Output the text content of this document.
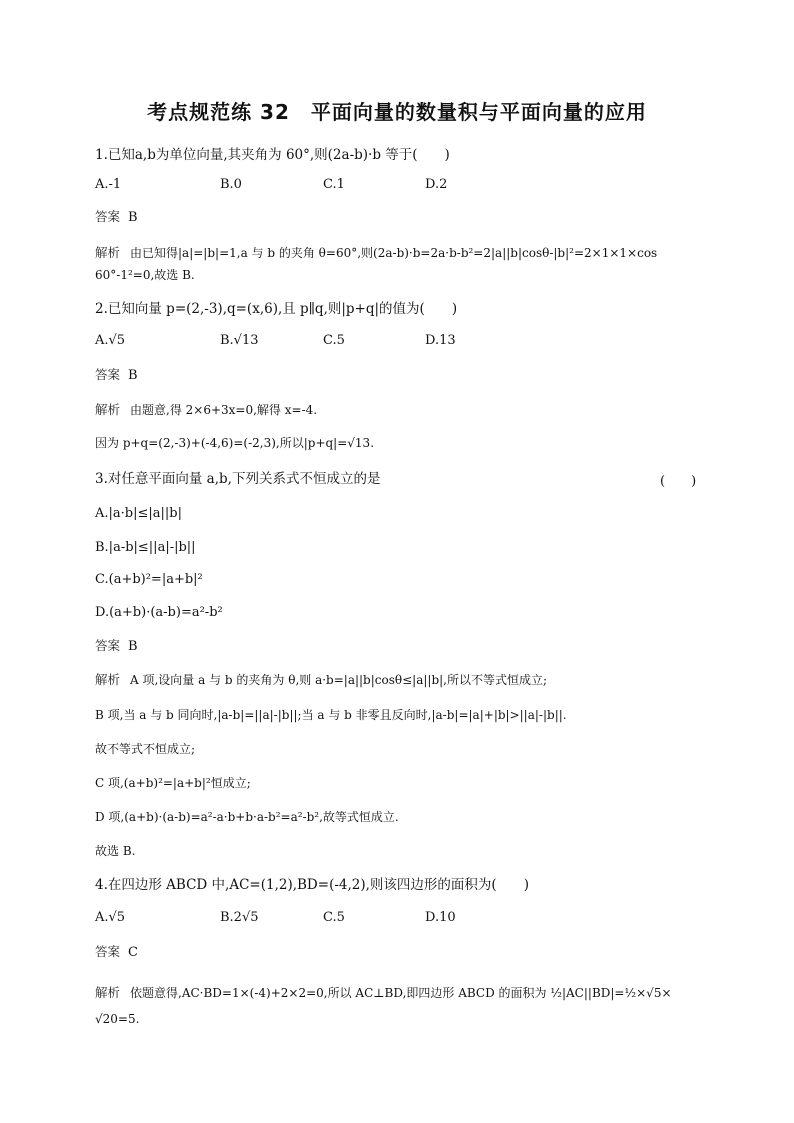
考点规范练 32　平面向量的数量积与平面向量的应用
1.已知a,b为单位向量,其夹角为 60°,则(2a-b)·b 等于(　　)
A.-1	B.0	C.1	D.2
答案 B
解析 由已知得|a|=|b|=1,a 与 b 的夹角 θ=60°,则(2a-b)·b=2a·b-b²=2|a||b|cosθ-|b|²=2×1×1×cos
60°-1²=0,故选 B.
2.已知向量 p=(2,-3),q=(x,6),且 p∥q,则|p+q|的值为(　　)
A.√5	B.√13	C.5	D.13
答案 B
解析 由题意,得 2×6+3x=0,解得 x=-4.
因为 p+q=(2,-3)+(-4,6)=(-2,3),所以|p+q|=√13.
3.对任意平面向量 a,b,下列关系式不恒成立的是	(　　)
A.|a·b|≤|a||b|
B.|a-b|≤||a|-|b||
C.(a+b)²=|a+b|²
D.(a+b)·(a-b)=a²-b²
答案 B
解析 A 项,设向量 a 与 b 的夹角为 θ,则 a·b=|a||b|cosθ≤|a||b|,所以不等式恒成立;
B 项,当 a 与 b 同向时,|a-b|=||a|-|b||;当 a 与 b 非零且反向时,|a-b|=|a|+|b|>||a|-|b||.
故不等式不恒成立;
C 项,(a+b)²=|a+b|²恒成立;
D 项,(a+b)·(a-b)=a²-a·b+b·a-b²=a²-b²,故等式恒成立.
故选 B.
4.在四边形 ABCD 中,AC=(1,2),BD=(-4,2),则该四边形的面积为(　　)
A.√5	B.2√5	C.5	D.10
答案 C
解析 依题意得,AC·BD=1×(-4)+2×2=0,所以 AC⊥BD,即四边形 ABCD 的面积为 ½|AC||BD|=½×√5×
√20=5.
